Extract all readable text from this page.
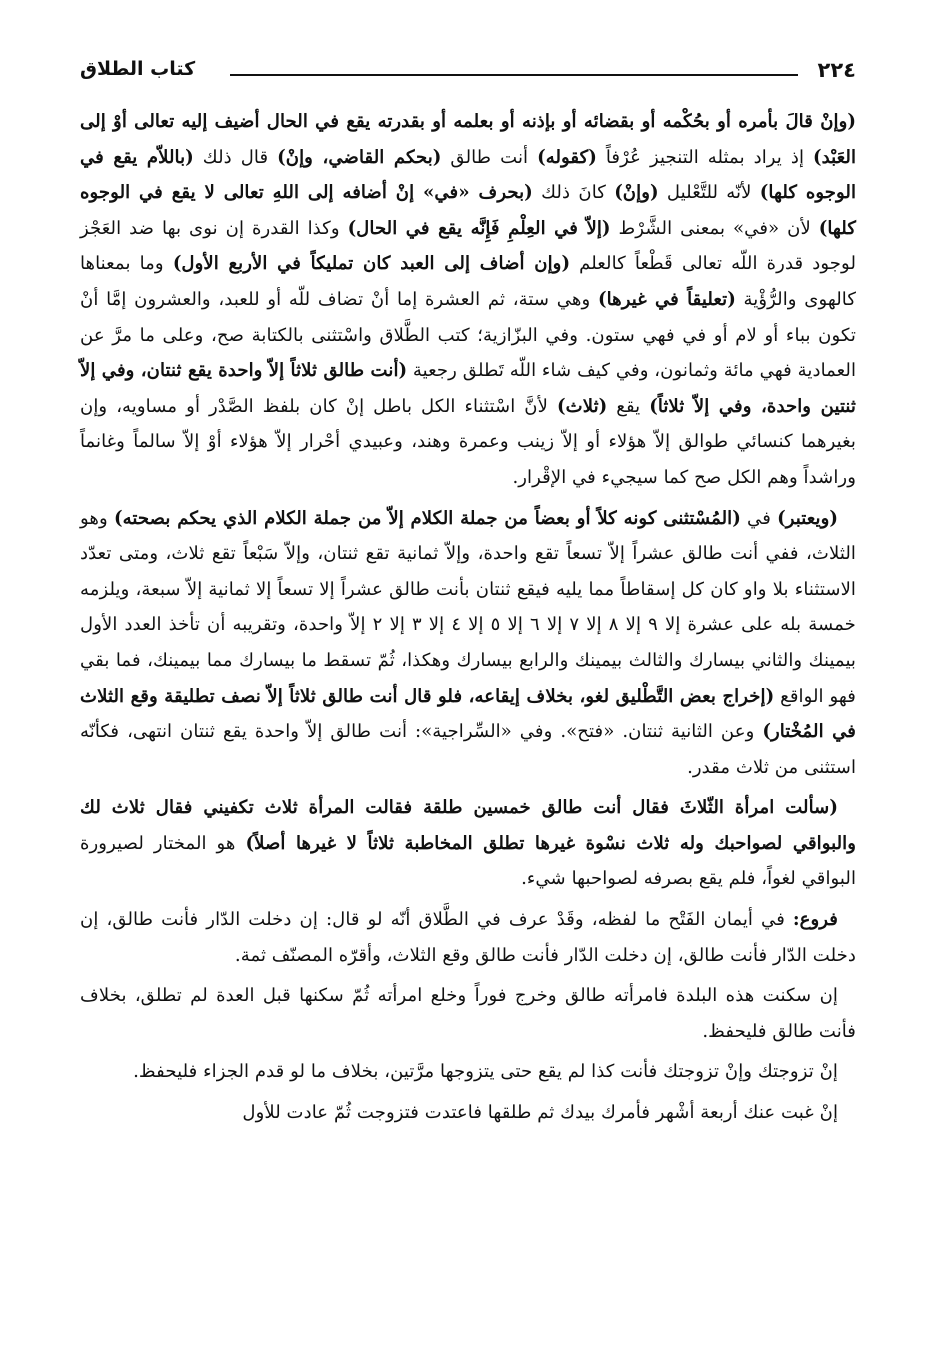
٢٢٤
كتاب الطلاق

(وإنْ قالَ بأمره أو بحُكْمه أو بقضائه أو بإذنه أو بعلمه أو بقدرته يقع في الحال أضيف إليه تعالى أوْ إلى العَبْد) إذ يراد بمثله التنجيز عُرْفاً (كقوله) أنت طالق (بحكم القاضي، وإنْ) قال ذلك (باللاّم يقع في الوجوه كلها) لأنّه للتَّعْليل (وإنْ) كانَ ذلك (بحرف «في» إنْ أضافه إلى اللهِ تعالى لا يقع في الوجوه كلها) لأن «في» بمعنى الشَّرْط (إلاّ في العِلْمِ فَإِنَّه يقع في الحال) وكذا القدرة إن نوى بها ضد العَجْز لوجود قدرة اللّه تعالى قَطْعاً كالعلم (وإن أضاف إلى العبد كان تمليكاً في الأربع الأول) وما بمعناها كالهوى والرُّؤْية (تعليقاً في غيرها) وهي ستة، ثم العشرة إما أنْ تضاف للّه أو للعبد، والعشرون إمَّا أنْ تكون بباء أو لام أو في فهي ستون. وفي البزّازية؛ كتب الطَّلاق واسْتثنى بالكتابة صح، وعلى ما مرَّ عن العمادية فهي مائة وثمانون، وفي كيف شاء اللّه تَطلق رجعية (أنت طالق ثلاثاً إلاّ واحدة يقع ثنتان، وفي إلاّ ثنتين واحدة، وفي إلاّ ثلاثاً) يقع (ثلاث) لأنَّ اسْتثناء الكل باطل إنْ كان بلفظ الصَّدْر أو مساويه، وإن بغيرهما كنسائي طوالق إلاّ هؤلاء أو إلاّ زينب وعمرة وهند، وعبيدي أحْرار إلاّ هؤلاء أوْ إلاّ سالماً وغانماً وراشداً وهم الكل صح كما سيجيء في الإقْرار.

(ويعتبر) في (المُسْتثنى كونه كلاً أو بعضاً من جملة الكلام إلاّ من جملة الكلام الذي يحكم بصحته) وهو الثلاث، ففي أنت طالق عشراً إلاّ تسعاً تقع واحدة، وإلاّ ثمانية تقع ثنتان، وإلاّ سَبْعاً تقع ثلاث، ومتى تعدّد الاستثناء بلا واو كان كل إسقاطاً مما يليه فيقع ثنتان بأنت طالق عشراً إلا تسعاً إلا ثمانية إلاّ سبعة، ويلزمه خمسة بله على عشرة إلا ٩ إلا ٨ إلا ٧ إلا ٦ إلا ٥ إلا ٤ إلا ٣ إلا ٢ إلاّ واحدة، وتقريبه أن تأخذ العدد الأول بيمينك والثاني بيسارك والثالث بيمينك والرابع بيسارك وهكذا، ثُمّ تسقط ما بيسارك مما بيمينك، فما بقي فهو الواقع (إخراج بعض التَّطْليق لغو، بخلاف إيقاعه، فلو قال أنت طالق ثلاثاً إلاّ نصف تطليقة وقع الثلاث في المُخْتار) وعن الثانية ثنتان. «فتح». وفي «السِّراجية»: أنت طالق إلاّ واحدة يقع ثنتان انتهى، فكأنّه استثنى من ثلاث مقدر.

(سألت امرأة الثّلاثَ فقال أنت طالق خمسين طلقة فقالت المرأة ثلاث تكفيني فقال ثلاث لك والبواقي لصواحبك وله ثلاث نسْوة غيرها تطلق المخاطبة ثلاثاً لا غيرها أصلاً) هو المختار لصيرورة البواقي لغواً، فلم يقع بصرفه لصواحبها شيء.

فروع: في أيمان الفَتْح ما لفظه، وقَدْ عرف في الطَّلاق أنّه لو قال: إن دخلت الدّار فأنت طالق، إن دخلت الدّار فأنت طالق، إن دخلت الدّار فأنت طالق وقع الثلاث، وأقرّه المصنّف ثمة.

إن سكنت هذه البلدة فامرأته طالق وخرج فوراً وخلع امرأته ثُمّ سكنها قبل العدة لم تطلق، بخلاف فأنت طالق فليحفظ.

إنْ تزوجتك وإنْ تزوجتك فأنت كذا لم يقع حتى يتزوجها مرَّتين، بخلاف ما لو قدم الجزاء فليحفظ.

إنْ غبت عنك أربعة أشْهر فأمرك بيدك ثم طلقها فاعتدت فتزوجت ثُمّ عادت للأول
